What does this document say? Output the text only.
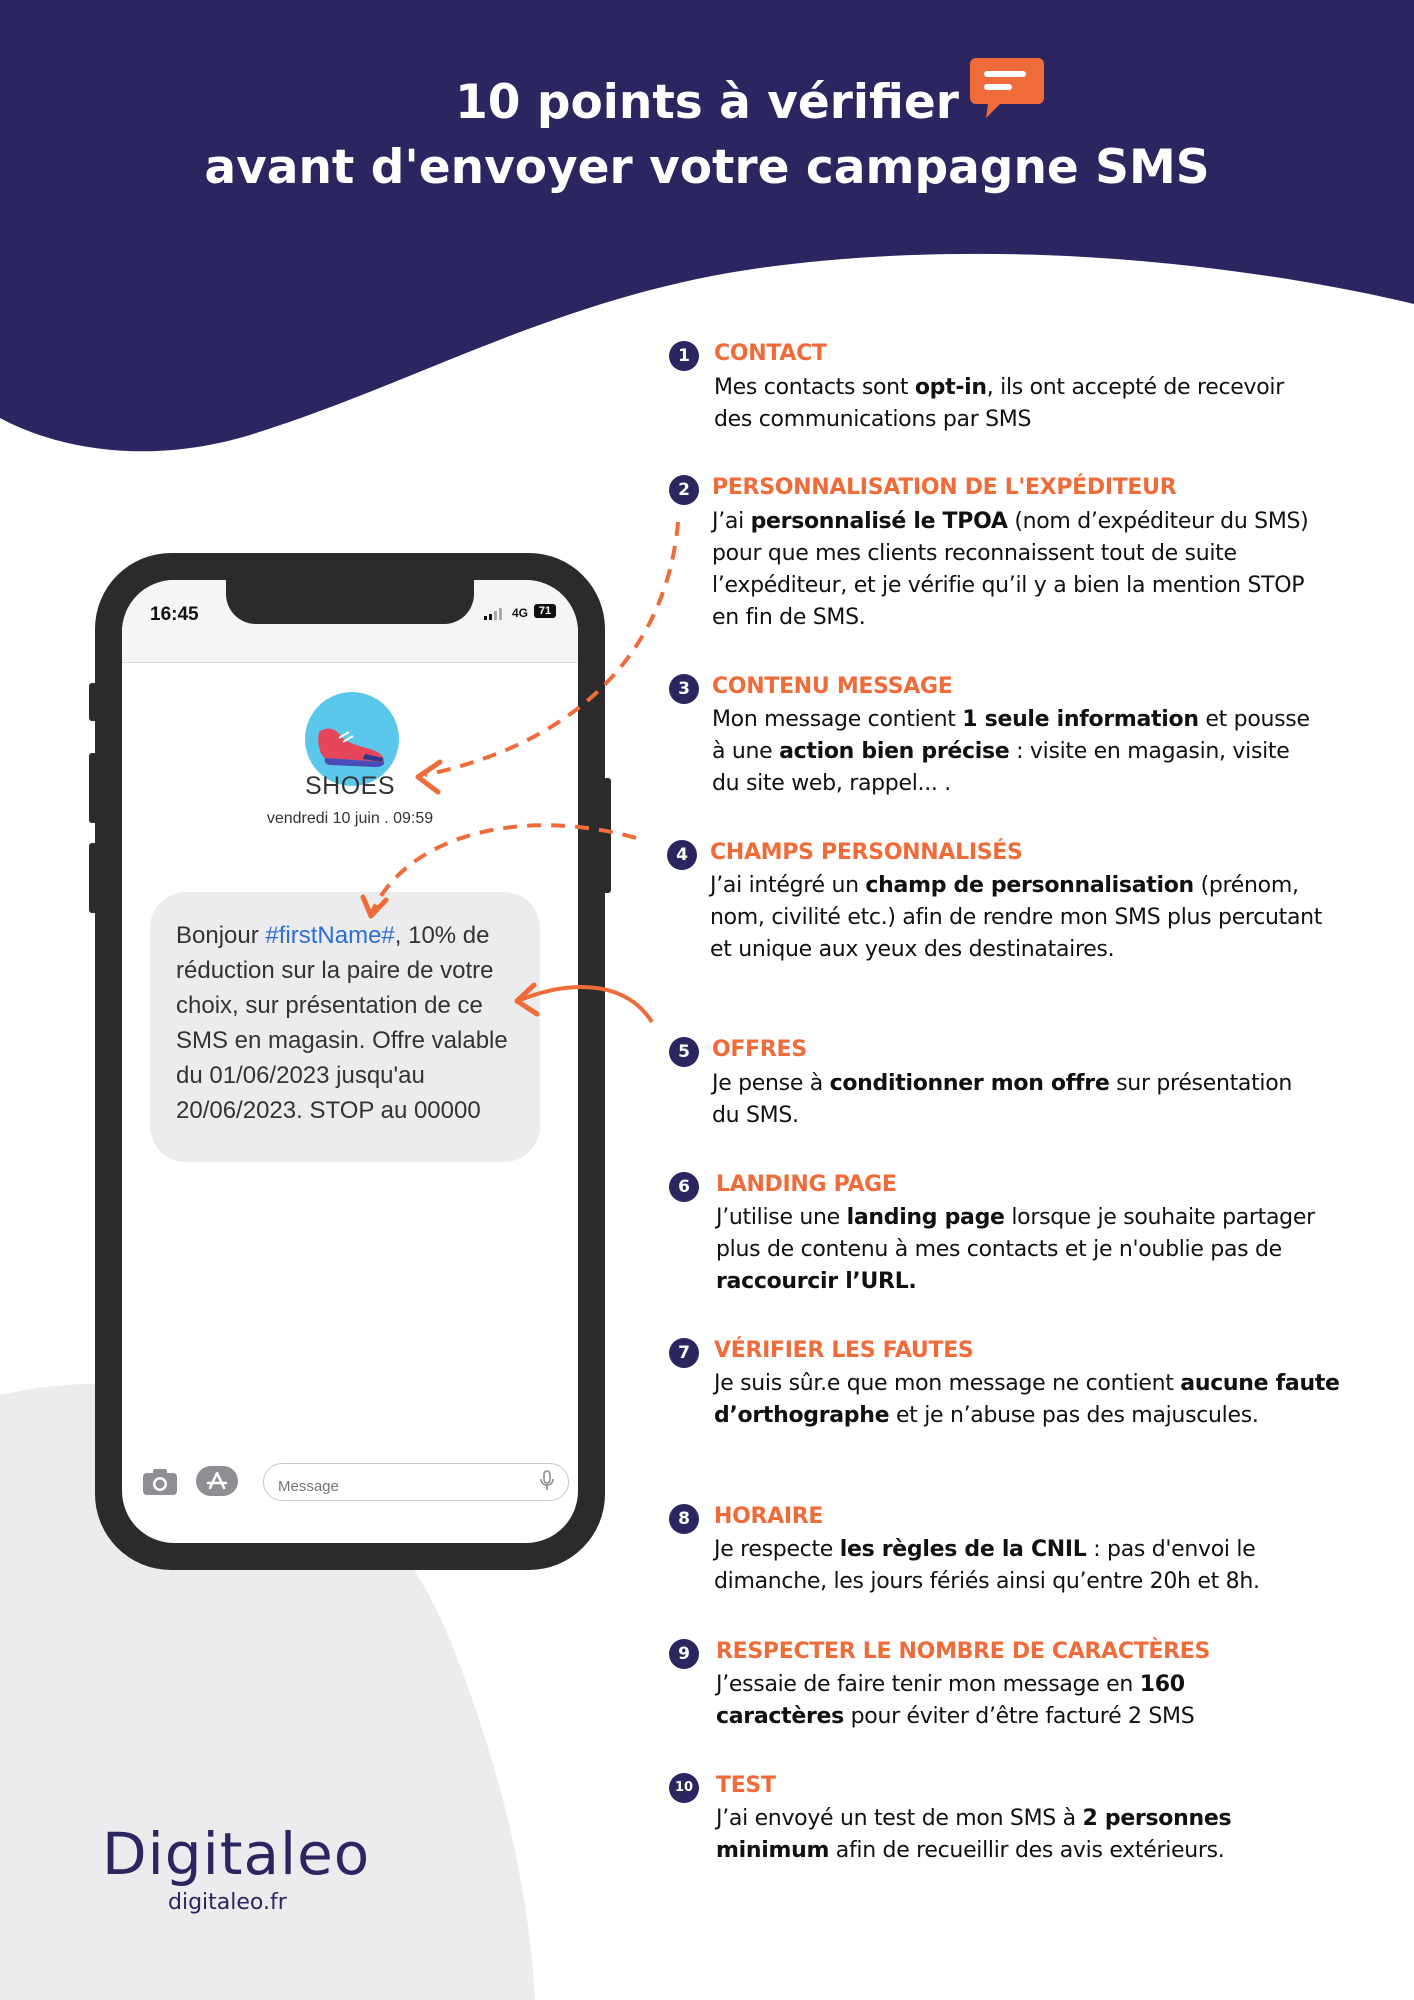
10 points à vérifier
avant d'envoyer votre campagne SMS
16:45	4G 71
SHOES
vendredi 10 juin . 09:59
Bonjour #firstName#, 10% de réduction sur la paire de votre choix, sur présentation de ce SMS en magasin. Offre valable du 01/06/2023 jusqu'au 20/06/2023. STOP au 00000
Message
1	CONTACT
Mes contacts sont opt-in, ils ont accepté de recevoir des communications par SMS
2	PERSONNALISATION DE L'EXPÉDITEUR
J’ai personnalisé le TPOA (nom d’expéditeur du SMS) pour que mes clients reconnaissent tout de suite l’expéditeur, et je vérifie qu’il y a bien la mention STOP en fin de SMS.
3	CONTENU MESSAGE
Mon message contient 1 seule information et pousse à une action bien précise : visite en magasin, visite du site web, rappel... .
4	CHAMPS PERSONNALISÉS
J’ai intégré un champ de personnalisation (prénom, nom, civilité etc.) afin de rendre mon SMS plus percutant et unique aux yeux des destinataires.
5	OFFRES
Je pense à conditionner mon offre sur présentation du SMS.
6	LANDING PAGE
J’utilise une landing page lorsque je souhaite partager plus de contenu à mes contacts et je n'oublie pas de raccourcir l’URL.
7	VÉRIFIER LES FAUTES
Je suis sûr.e que mon message ne contient aucune faute d’orthographe et je n’abuse pas des majuscules.
8	HORAIRE
Je respecte les règles de la CNIL : pas d'envoi le dimanche, les jours fériés ainsi qu’entre 20h et 8h.
9	RESPECTER LE NOMBRE DE CARACTÈRES
J’essaie de faire tenir mon message en 160 caractères pour éviter d’être facturé 2 SMS
10 TEST
J’ai envoyé un test de mon SMS à 2 personnes minimum afin de recueillir des avis extérieurs.
Digitaleo
digitaleo.fr
